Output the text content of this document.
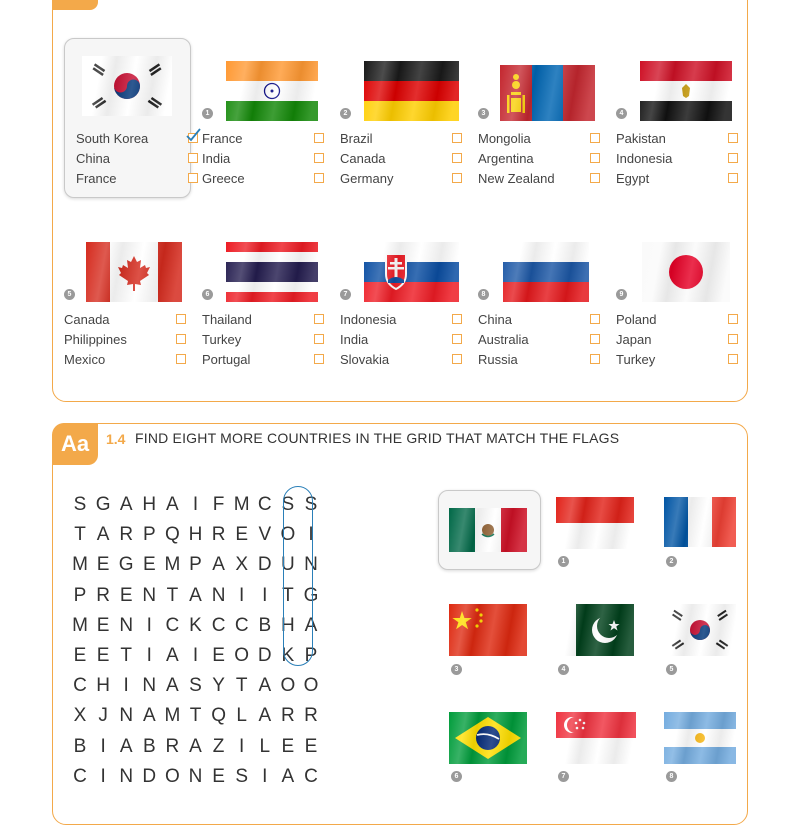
South Korea
China
France
1
France
India
Greece
2
Brazil
Canada
Germany
3
Mongolia
Argentina
New Zealand
4
Pakistan
Indonesia
Egypt
5
Canada
Philippines
Mexico
6
Thailand
Turkey
Portugal
7
Indonesia
India
Slovakia
8
China
Australia
Russia
9
Poland
Japan
Turkey
Aa	1.4 FIND EIGHT MORE COUNTRIES IN THE GRID THAT MATCH THE FLAGS
S G A H A I F M C S S
T A R P Q H R E V O I
M E G E M P A X D U N
P R E N T A N I I T G
M E N I C K C C B H A
E E T I A I E O D K P
C H I N A S Y T A O O
X J N A M T Q L A R R
B I A B R A Z I L E E
C I N D O N E S I A C
1	2
3	4	5
6	7	8
